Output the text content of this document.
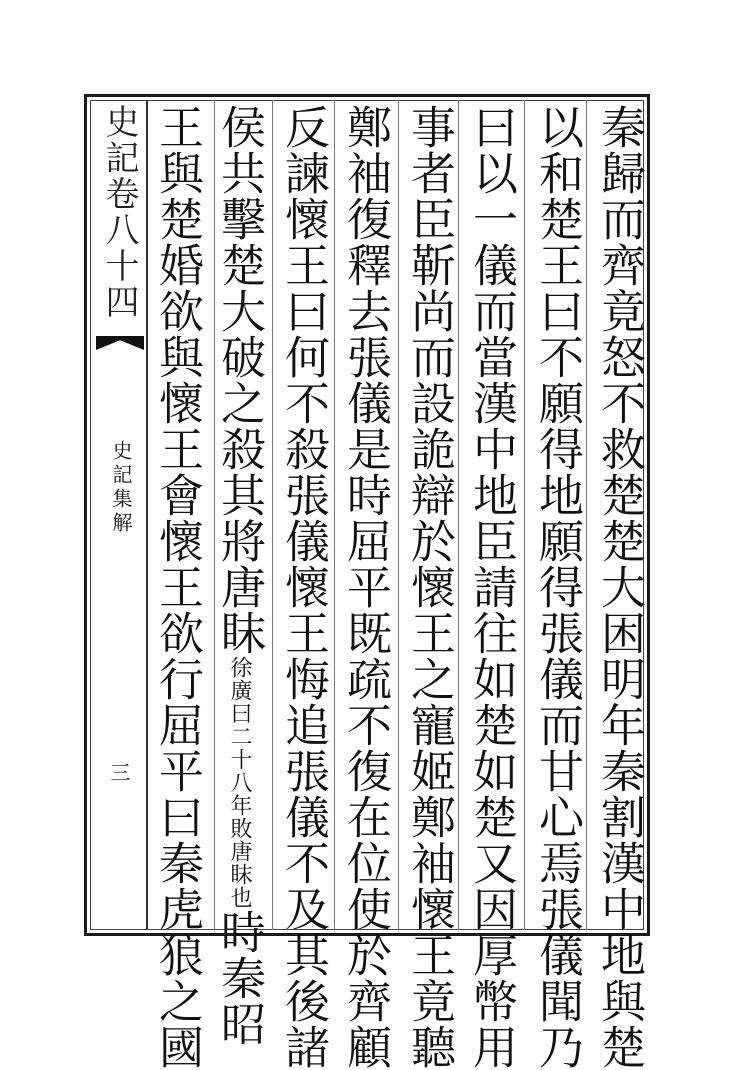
史記卷八十四
史記集解
三	秦歸而齊竟怒不救楚楚大困明年秦割漢中地與楚
以和楚王曰不願得地願得張儀而甘心焉張儀聞乃
曰以一儀而當漢中地臣請往如楚如楚又因厚幣用
事者臣靳尚而設詭辯於懷王之寵姬鄭袖懷王竟聽
鄭袖復釋去張儀是時屈平既疏不復在位使於齊顧
反諫懷王曰何不殺張儀懷王悔追張儀不及其後諸
侯共擊楚大破之殺其將唐眜徐廣曰二十八年敗唐眜也時秦昭
王與楚婚欲與懷王會懷王欲行屈平曰秦虎狼之國
